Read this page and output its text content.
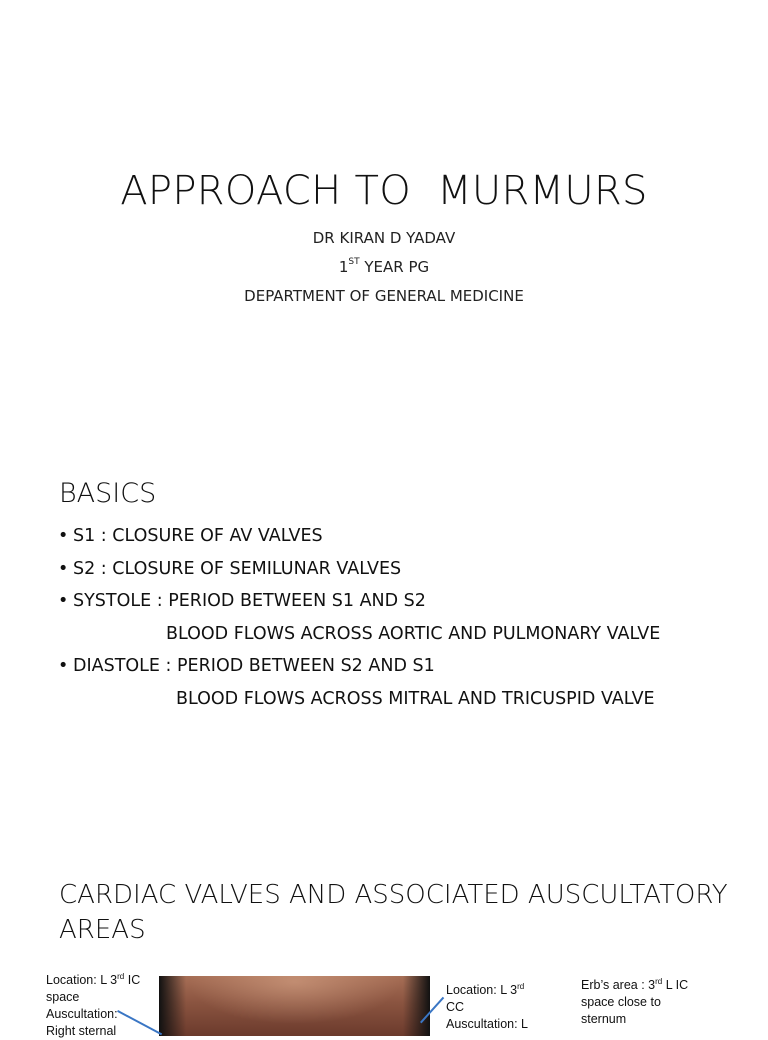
APPROACH TO  MURMURS
DR KIRAN D YADAV
1ST YEAR PG
DEPARTMENT OF GENERAL MEDICINE
BASICS
• S1 : CLOSURE OF AV VALVES
• S2 : CLOSURE OF SEMILUNAR VALVES
• SYSTOLE : PERIOD BETWEEN S1 AND S2
BLOOD FLOWS ACROSS AORTIC AND PULMONARY VALVE
• DIASTOLE : PERIOD BETWEEN S2 AND S1
BLOOD FLOWS ACROSS MITRAL AND TRICUSPID VALVE
CARDIAC VALVES AND ASSOCIATED AUSCULTATORY AREAS
Location: L 3rd IC
space
Auscultation:
Right sternal
Location: L 3rd
CC
Auscultation: L
Erb’s area : 3rd L IC
space close to
sternum
